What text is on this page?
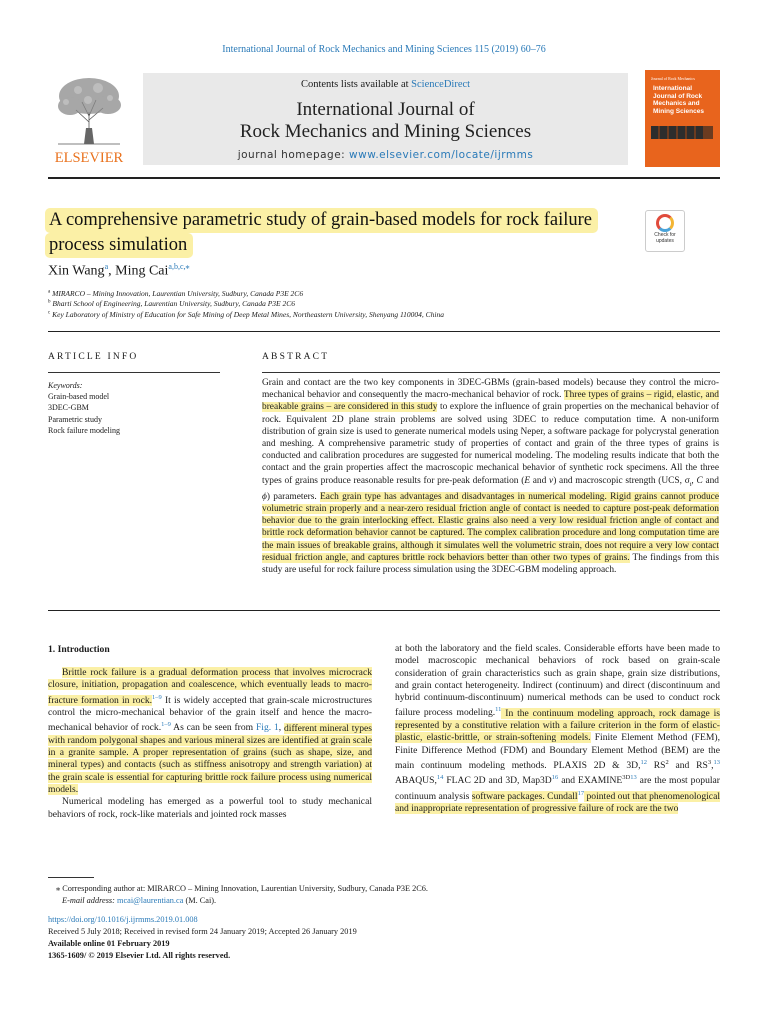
International Journal of Rock Mechanics and Mining Sciences 115 (2019) 60–76
ELSEVIER
Contents lists available at ScienceDirect
International Journal of
Rock Mechanics and Mining Sciences
journal homepage: www.elsevier.com/locate/ijrmms
Journal of Rock Mechanics
International Journal of Rock Mechanics and Mining Sciences
A comprehensive parametric study of grain-based models for rock failure
process simulation	Check for updates
Xin Wang$^a$, Ming Cai$^{a,b,c,⁎}$
$^a$ MIRARCO – Mining Innovation, Laurentian University, Sudbury, Canada P3E 2C6
$^b$ Bharti School of Engineering, Laurentian University, Sudbury, Canada P3E 2C6
$^c$ Key Laboratory of Ministry of Education for Safe Mining of Deep Metal Mines, Northeastern University, Shenyang 110004, China
ARTICLE INFO
Keywords:
Grain-based model
3DEC-GBM
Parametric study
Rock failure modeling
ABSTRACT
Grain and contact are the two key components in 3DEC-GBMs (grain-based models) because they control the micro-mechanical behavior and consequently the macro-mechanical behavior of rock. Three types of grains – rigid, elastic, and breakable grains – are considered in this study to explore the influence of grain properties on the mechanical behavior of rock. Equivalent 2D plane strain problems are solved using 3DEC to reduce computation time. A non-uniform distribution of grain size is used to generate numerical models using Neper, a software package for polycrystal generation and meshing. A comprehensive parametric study of properties of contact and grain of the three types of grains is conducted and calibration procedures are suggested for numerical modeling. The modeling results indicate that both the contact and the grain properties affect the macroscopic mechanical behavior of synthetic rock specimens. All the three types of grains produce reasonable results for pre-peak deformation (E and ν) and macroscopic strength (UCS, $\sigma_t$, C and ϕ) parameters. Each grain type has advantages and disadvantages in numerical modeling. Rigid grains cannot produce volumetric strain properly and a near-zero residual friction angle of contact is needed to capture post-peak deformation behavior due to the grain interlocking effect. Elastic grains also need a very low residual friction angle of contact and brittle rock deformation behavior cannot be captured. The complex calibration procedure and long computation time are the main issues of breakable grains, although it simulates well the volumetric strain, does not require a very low contact residual friction angle, and captures brittle rock behaviors better than other two types of grains. The findings from this study are useful for rock failure process simulation using the 3DEC-GBM modeling approach.
1. Introduction

Brittle rock failure is a gradual deformation process that involves microcrack closure, initiation, propagation and coalescence, which eventually leads to macro-fracture formation in rock.$^{1-9}$ It is widely accepted that grain-scale microstructures control the micro-mechanical behavior of the grain itself and hence the macro-mechanical behavior of rock.$^{1-9}$ As can be seen from Fig. 1, different mineral types with random polygonal shapes and various mineral sizes are identified at grain scale in a granite sample. A proper representation of grains (such as shape, size, and mineral types) and contacts (such as stiffness anisotropy and strength variation) at the grain scale is essential for capturing brittle rock failure process using numerical models.

Numerical modeling has emerged as a powerful tool to study mechanical behaviors of rock, rock-like materials and jointed rock masses

at both the laboratory and the field scales. Considerable efforts have been made to model macroscopic mechanical behaviors of rock based on grain-scale consideration of grain characteristics such as grain shape, grain size distributions, and grain contact heterogeneity. Indirect (continuum) and direct (discontinuum and hybrid continuum-discontinuum) numerical methods can be used to conduct rock failure process modeling.$^{11}$ In the continuum modeling approach, rock damage is represented by a constitutive relation with a failure criterion in the form of elastic-plastic, elastic-brittle, or strain-softening models. Finite Element Method (FEM), Finite Difference Method (FDM) and Boundary Element Method (BEM) are the main continuum modeling methods. PLAXIS 2D & 3D,$^{12}$ $RS^2$ and $RS^3,^{13}$ ABAQUS,$^{14}$ FLAC 2D and 3D, $Map3D^{16}$ and $EXAMINE^{3D13}$ are the most popular continuum analysis software packages. Cundall$^{17}$ pointed out that phenomenological and inappropriate representation of progressive failure of rock are the two

⁎ Corresponding author at: MIRARCO – Mining Innovation, Laurentian University, Sudbury, Canada P3E 2C6.
E-mail address: mcai@laurentian.ca (M. Cai).
https://doi.org/10.1016/j.ijrmms.2019.01.008
Received 5 July 2018; Received in revised form 24 January 2019; Accepted 26 January 2019
Available online 01 February 2019
1365-1609/ © 2019 Elsevier Ltd. All rights reserved.
